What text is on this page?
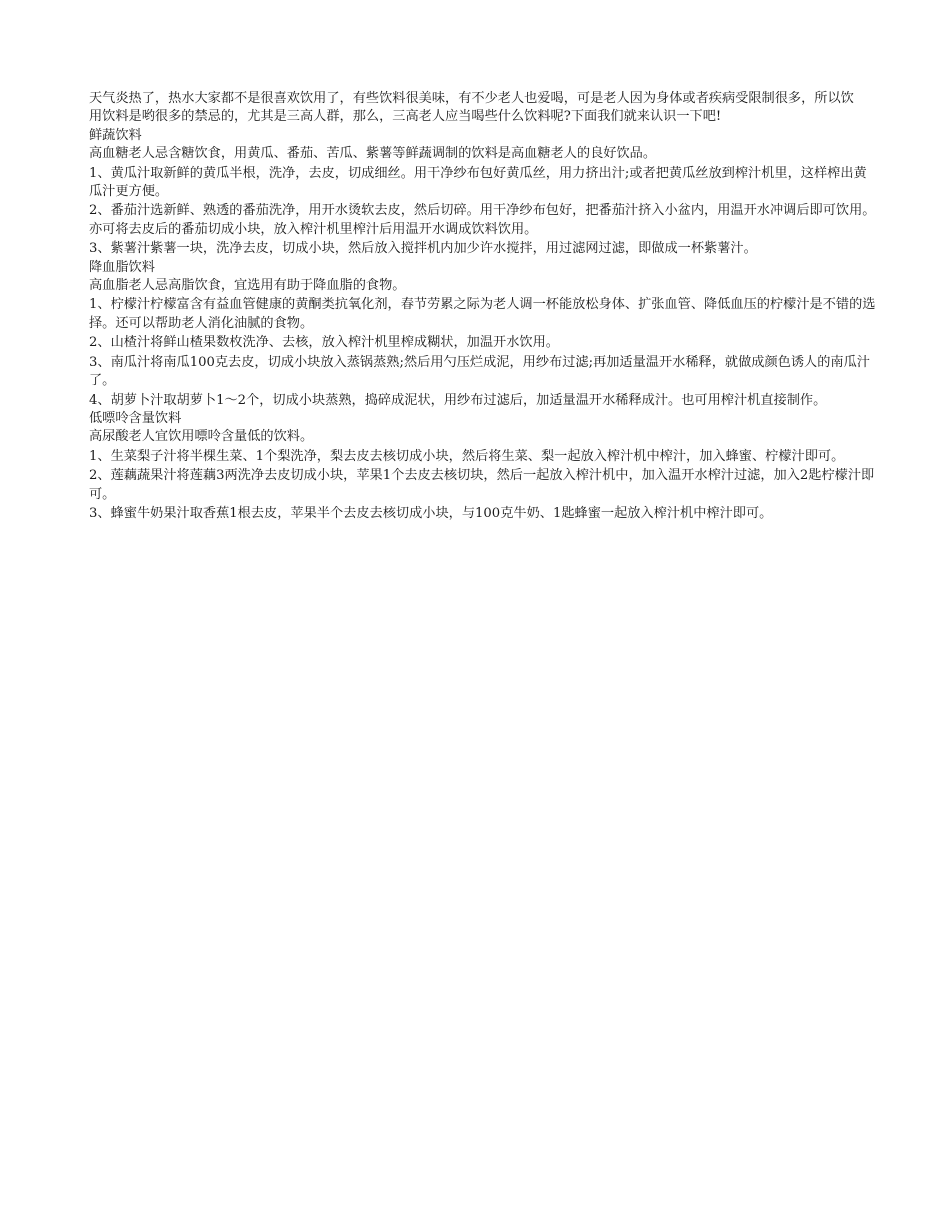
天气炎热了，热水大家都不是很喜欢饮用了，有些饮料很美味，有不少老人也爱喝，可是老人因为身体或者疾病受限制很多，所以饮用饮料是哟很多的禁忌的，尤其是三高人群，那么，三高老人应当喝些什么饮料呢?下面我们就来认识一下吧!

鲜蔬饮料

高血糖老人忌含糖饮食，用黄瓜、番茄、苦瓜、紫薯等鲜蔬调制的饮料是高血糖老人的良好饮品。

1、黄瓜汁取新鲜的黄瓜半根，洗净，去皮，切成细丝。用干净纱布包好黄瓜丝，用力挤出汁;或者把黄瓜丝放到榨汁机里，这样榨出黄瓜汁更方便。

2、番茄汁选新鲜、熟透的番茄洗净，用开水烫软去皮，然后切碎。用干净纱布包好，把番茄汁挤入小盆内，用温开水冲调后即可饮用。亦可将去皮后的番茄切成小块，放入榨汁机里榨汁后用温开水调成饮料饮用。

3、紫薯汁紫薯一块，洗净去皮，切成小块，然后放入搅拌机内加少许水搅拌，用过滤网过滤，即做成一杯紫薯汁。

降血脂饮料

高血脂老人忌高脂饮食，宜选用有助于降血脂的食物。

1、柠檬汁柠檬富含有益血管健康的黄酮类抗氧化剂，春节劳累之际为老人调一杯能放松身体、扩张血管、降低血压的柠檬汁是不错的选择。还可以帮助老人消化油腻的食物。

2、山楂汁将鲜山楂果数枚洗净、去核，放入榨汁机里榨成糊状，加温开水饮用。

3、南瓜汁将南瓜100克去皮，切成小块放入蒸锅蒸熟;然后用勺压烂成泥，用纱布过滤;再加适量温开水稀释，就做成颜色诱人的南瓜汁了。

4、胡萝卜汁取胡萝卜1～2个，切成小块蒸熟，捣碎成泥状，用纱布过滤后，加适量温开水稀释成汁。也可用榨汁机直接制作。

低嘌呤含量饮料

高尿酸老人宜饮用嘌呤含量低的饮料。

1、生菜梨子汁将半棵生菜、1个梨洗净，梨去皮去核切成小块，然后将生菜、梨一起放入榨汁机中榨汁，加入蜂蜜、柠檬汁即可。

2、莲藕蔬果汁将莲藕3两洗净去皮切成小块，苹果1个去皮去核切块，然后一起放入榨汁机中，加入温开水榨汁过滤，加入2匙柠檬汁即可。

3、蜂蜜牛奶果汁取香蕉1根去皮，苹果半个去皮去核切成小块，与100克牛奶、1匙蜂蜜一起放入榨汁机中榨汁即可。
